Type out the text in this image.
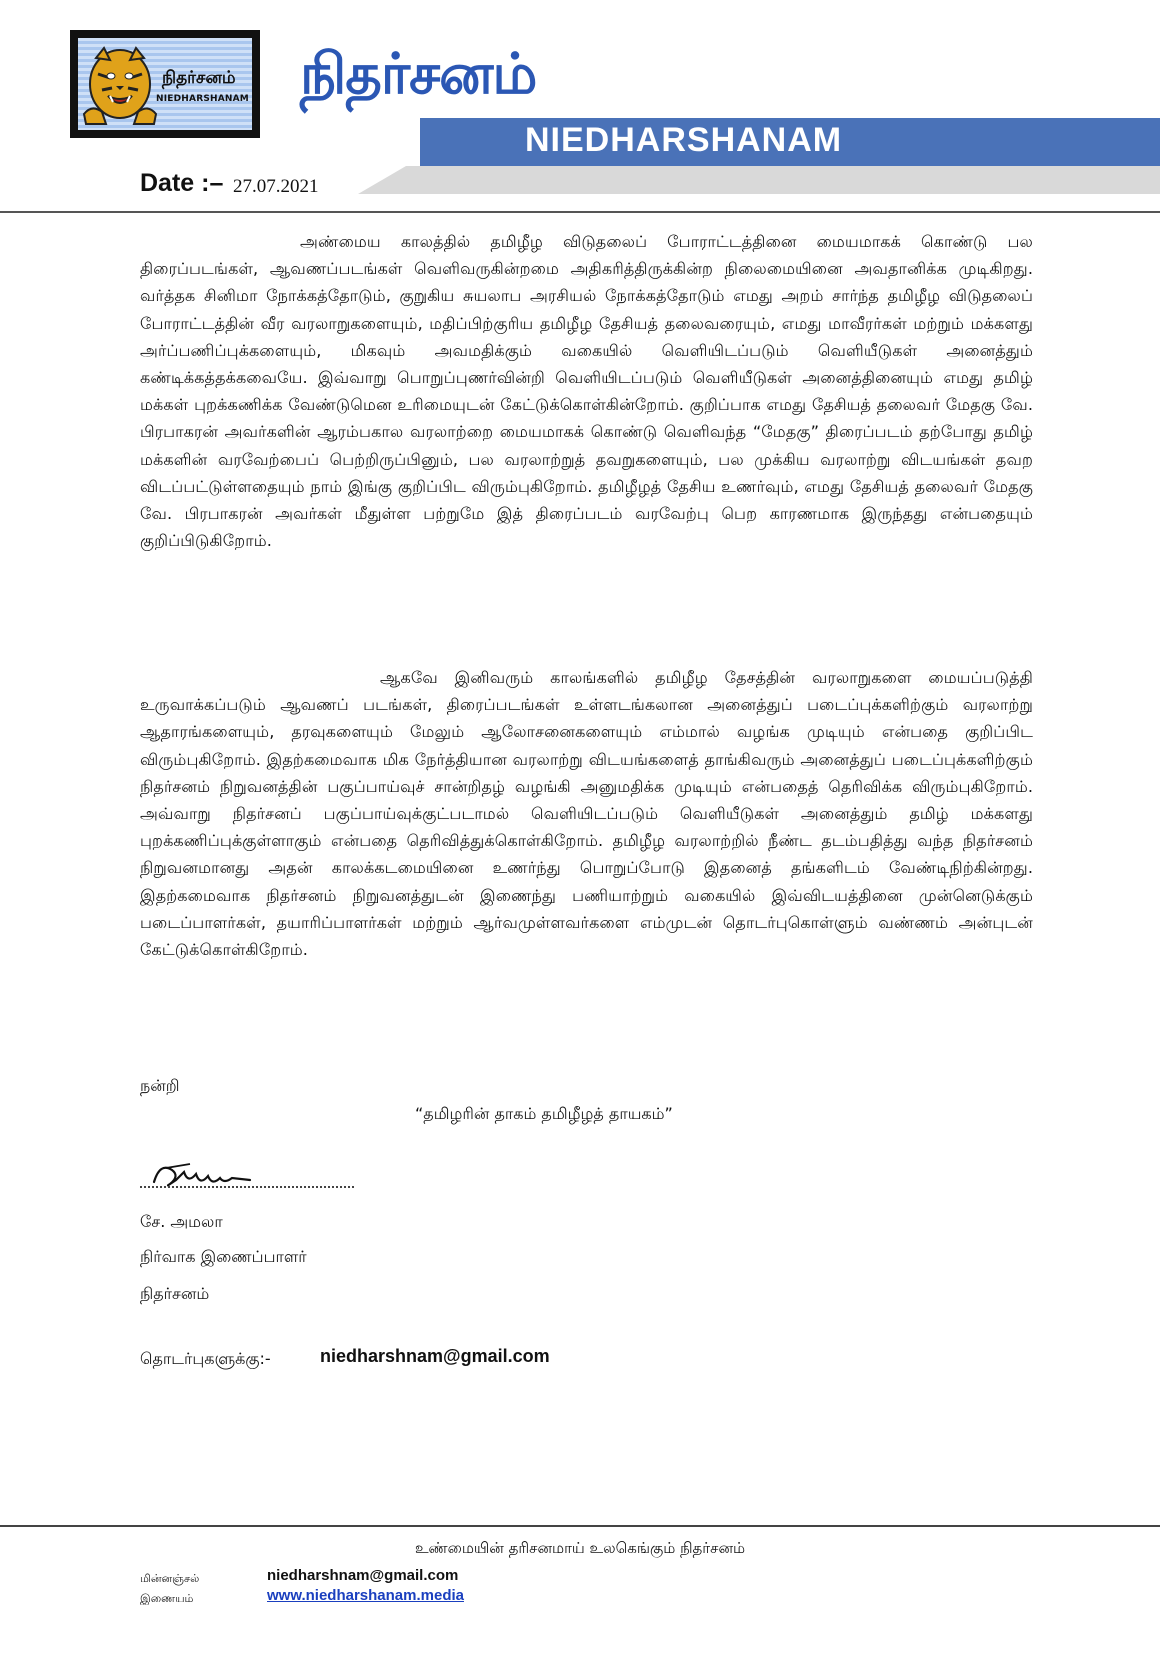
நிதர்சனம்
NIEDHARSHANAM நிதர்சனம்
NIEDHARSHANAM
Date :– 27.07.2021

அண்மைய காலத்தில் தமிழீழ விடுதலைப் போராட்டத்தினை மையமாகக் கொண்டு பல திரைப்படங்கள், ஆவணப்படங்கள் வெளிவருகின்றமை அதிகரித்திருக்கின்ற நிலைமையினை அவதானிக்க முடிகிறது. வர்த்தக சினிமா நோக்கத்தோடும், குறுகிய சுயலாப அரசியல் நோக்கத்தோடும் எமது அறம் சார்ந்த தமிழீழ விடுதலைப் போராட்டத்தின் வீர வரலாறுகளையும், மதிப்பிற்குரிய தமிழீழ தேசியத் தலைவரையும், எமது மாவீரர்கள் மற்றும் மக்களது அர்ப்பணிப்புக்களையும், மிகவும் அவமதிக்கும் வகையில் வெளியிடப்படும் வெளியீடுகள் அனைத்தும் கண்டிக்கத்தக்கவையே. இவ்வாறு பொறுப்புணர்வின்றி வெளியிடப்படும் வெளியீடுகள் அனைத்தினையும் எமது தமிழ் மக்கள் புறக்கணிக்க வேண்டுமென உரிமையுடன் கேட்டுக்கொள்கின்றோம். குறிப்பாக எமது தேசியத் தலைவர் மேதகு வே. பிரபாகரன் அவர்களின் ஆரம்பகால வரலாற்றை மையமாகக் கொண்டு வெளிவந்த “மேதகு” திரைப்படம் தற்போது தமிழ் மக்களின் வரவேற்பைப் பெற்றிருப்பினும், பல வரலாற்றுத் தவறுகளையும், பல முக்கிய வரலாற்று விடயங்கள் தவற விடப்பட்டுள்ளதையும் நாம் இங்கு குறிப்பிட விரும்புகிறோம். தமிழீழத் தேசிய உணர்வும், எமது தேசியத் தலைவர் மேதகு வே. பிரபாகரன் அவர்கள் மீதுள்ள பற்றுமே இத் திரைப்படம் வரவேற்பு பெற காரணமாக இருந்தது என்பதையும் குறிப்பிடுகிறோம்.

ஆகவே இனிவரும் காலங்களில் தமிழீழ தேசத்தின் வரலாறுகளை மையப்படுத்தி உருவாக்கப்படும் ஆவணப் படங்கள், திரைப்படங்கள் உள்ளடங்கலான அனைத்துப் படைப்புக்களிற்கும் வரலாற்று ஆதாரங்களையும், தரவுகளையும் மேலும் ஆலோசனைகளையும் எம்மால் வழங்க முடியும் என்பதை குறிப்பிட விரும்புகிறோம். இதற்கமைவாக மிக நேர்த்தியான வரலாற்று விடயங்களைத் தாங்கிவரும் அனைத்துப் படைப்புக்களிற்கும் நிதர்சனம் நிறுவனத்தின் பகுப்பாய்வுச் சான்றிதழ் வழங்கி அனுமதிக்க முடியும் என்பதைத் தெரிவிக்க விரும்புகிறோம். அவ்வாறு நிதர்சனப் பகுப்பாய்வுக்குட்படாமல் வெளியிடப்படும் வெளியீடுகள் அனைத்தும் தமிழ் மக்களது புறக்கணிப்புக்குள்ளாகும் என்பதை தெரிவித்துக்கொள்கிறோம். தமிழீழ வரலாற்றில் நீண்ட தடம்பதித்து வந்த நிதர்சனம் நிறுவனமானது அதன் காலக்கடமையினை உணர்ந்து பொறுப்போடு இதனைத் தங்களிடம் வேண்டிநிற்கின்றது. இதற்கமைவாக நிதர்சனம் நிறுவனத்துடன் இணைந்து பணியாற்றும் வகையில் இவ்விடயத்தினை முன்னெடுக்கும் படைப்பாளர்கள், தயாரிப்பாளர்கள் மற்றும் ஆர்வமுள்ளவர்களை எம்முடன் தொடர்புகொள்ளும் வண்ணம் அன்புடன் கேட்டுக்கொள்கிறோம்.

நன்றி
“தமிழரின் தாகம் தமிழீழத் தாயகம்”
சே. அமலா
நிர்வாக இணைப்பாளர்
நிதர்சனம்
தொடர்புகளுக்கு:-	niedharshnam@gmail.com
உண்மையின் தரிசனமாய் உலகெங்கும் நிதர்சனம்
மின்னஞ்சல்
இணையம்
niedharshnam@gmail.com
www.niedharshanam.media
